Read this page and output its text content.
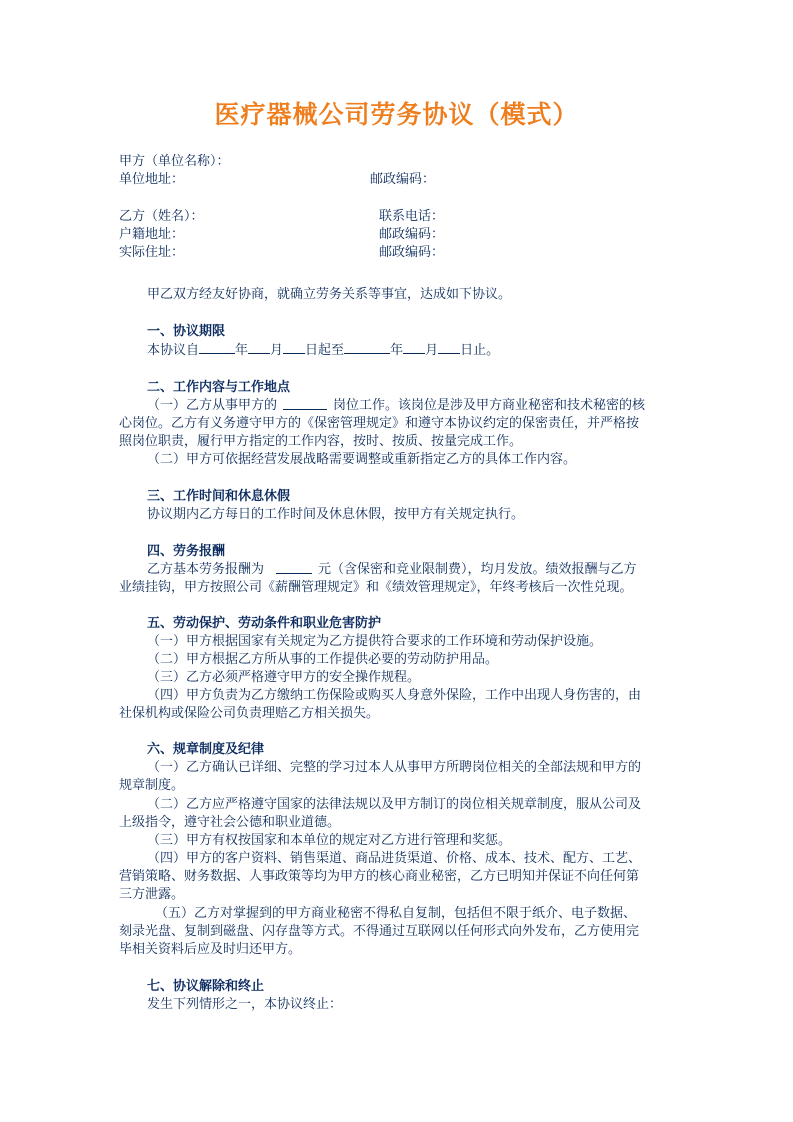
医疗器械公司劳务协议（模式）
甲方（单位名称）：
单位地址：	邮政编码：
乙方（姓名）：	联系电话：
户籍地址：	邮政编码：
实际住址：	邮政编码：
甲乙双方经友好协商，就确立劳务关系等事宜，达成如下协议。
一、协议期限
本协议自	年 月 日起至	年 月 日止。
二、工作内容与工作地点
（一）乙方从事甲方的	岗位工作。该岗位是涉及甲方商业秘密和技术秘密的核
心岗位。乙方有义务遵守甲方的《保密管理规定》和遵守本协议约定的保密责任，并严格按
照岗位职责，履行甲方指定的工作内容，按时、按质、按量完成工作。
（二）甲方可依据经营发展战略需要调整或重新指定乙方的具体工作内容。
三、工作时间和休息休假
协议期内乙方每日的工作时间及休息休假，按甲方有关规定执行。
四、劳务报酬
乙方基本劳务报酬为	元（含保密和竞业限制费），均月发放。绩效报酬与乙方
业绩挂钩，甲方按照公司《薪酬管理规定》和《绩效管理规定》，年终考核后一次性兑现。
五、劳动保护、劳动条件和职业危害防护
（一）甲方根据国家有关规定为乙方提供符合要求的工作环境和劳动保护设施。
（二）甲方根据乙方所从事的工作提供必要的劳动防护用品。
（三）乙方必须严格遵守甲方的安全操作规程。
（四）甲方负责为乙方缴纳工伤保险或购买人身意外保险，工作中出现人身伤害的，由
社保机构或保险公司负责理赔乙方相关损失。
六、规章制度及纪律
（一）乙方确认已详细、完整的学习过本人从事甲方所聘岗位相关的全部法规和甲方的
规章制度。
（二）乙方应严格遵守国家的法律法规以及甲方制订的岗位相关规章制度，服从公司及
上级指令，遵守社会公德和职业道德。
（三）甲方有权按国家和本单位的规定对乙方进行管理和奖惩。
（四）甲方的客户资料、销售渠道、商品进货渠道、价格、成本、技术、配方、工艺、
营销策略、财务数据、人事政策等均为甲方的核心商业秘密，乙方已明知并保证不向任何第
三方泄露。
（五）乙方对掌握到的甲方商业秘密不得私自复制，包括但不限于纸介、电子数据、
刻录光盘、复制到磁盘、闪存盘等方式。不得通过互联网以任何形式向外发布，乙方使用完
毕相关资料后应及时归还甲方。
七、协议解除和终止
发生下列情形之一，本协议终止：
